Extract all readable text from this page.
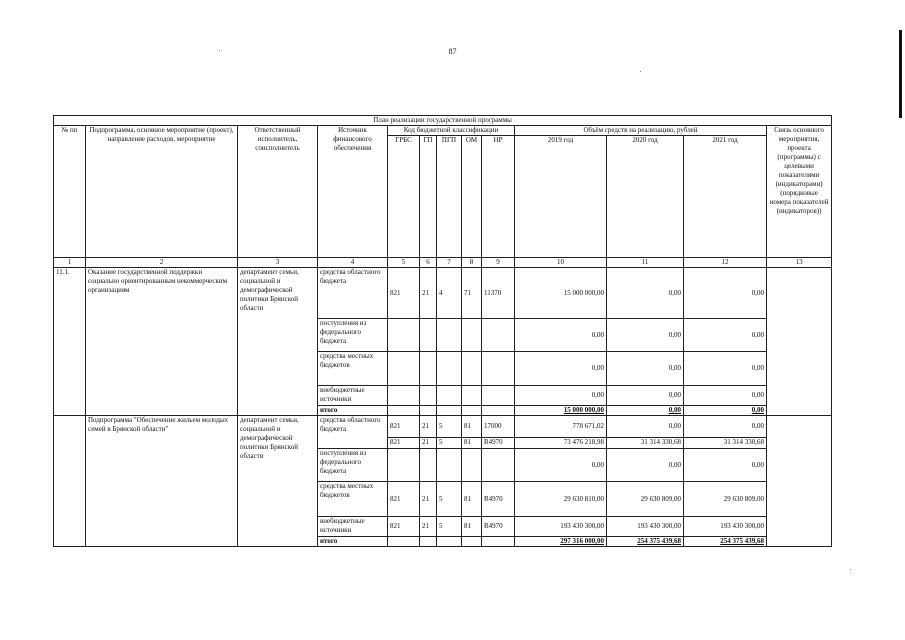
87
План реализации государственной программы												
№ пп	Подпрограмма, основное мероприятие (проект), направление расходов, мероприятие	Ответственный исполнитель, соисполнитель	Источник финансового обеспечения	Код бюджетной классификации					Объём средств на реализацию, рублей			Связь основного мероприятия, проекта (программы) с целевыми показателями (индикаторами) (порядковые номера показателей (индикаторов))
				ГРБС	ГП	ПГП	ОМ	НР	2019 год	2020 год	2021 год	
1	2	3	4	5	6	7	8	9	10	11	12	13
11.1.	Оказание государственной поддержки социально ориентированным некоммерческим организациям	департамент семьи, социальной и демографической политики Брянской области	средства областного бюджета	821	21	4	71	11370	15 000 000,00	0,00	0,00	
			поступления из федерального бюджета						0,00	0,00	0,00	
			средства местных бюджетов						0,00	0,00	0,00	
			внебюджетные источники						0,00	0,00	0,00	
			итого						15 000 000,00	0,00	0,00	
	Подпрограмма "Обеспечение жильем молодых семей в Брянской области"	департамент семьи, социальной и демографической политики Брянской области	средства областного бюджета	821	21	5	81	17000	778 671,02	0,00	0,00	
				821	21	5	81	R4970	73 476 218,98	31 314 330,68	31 314 330,68	
			поступления из федерального бюджета						0,00	0,00	0,00	
			средства местных бюджетов	821	21	5	81	R4970	29 630 810,00	29 630 809,00	29 630 809,00	
			внебюджетные источники	821	21	5	81	R4970	193 430 300,00	193 430 300,00	193 430 300,00	
			итого						297 316 000,00	254 375 439,68	254 375 439,68	
